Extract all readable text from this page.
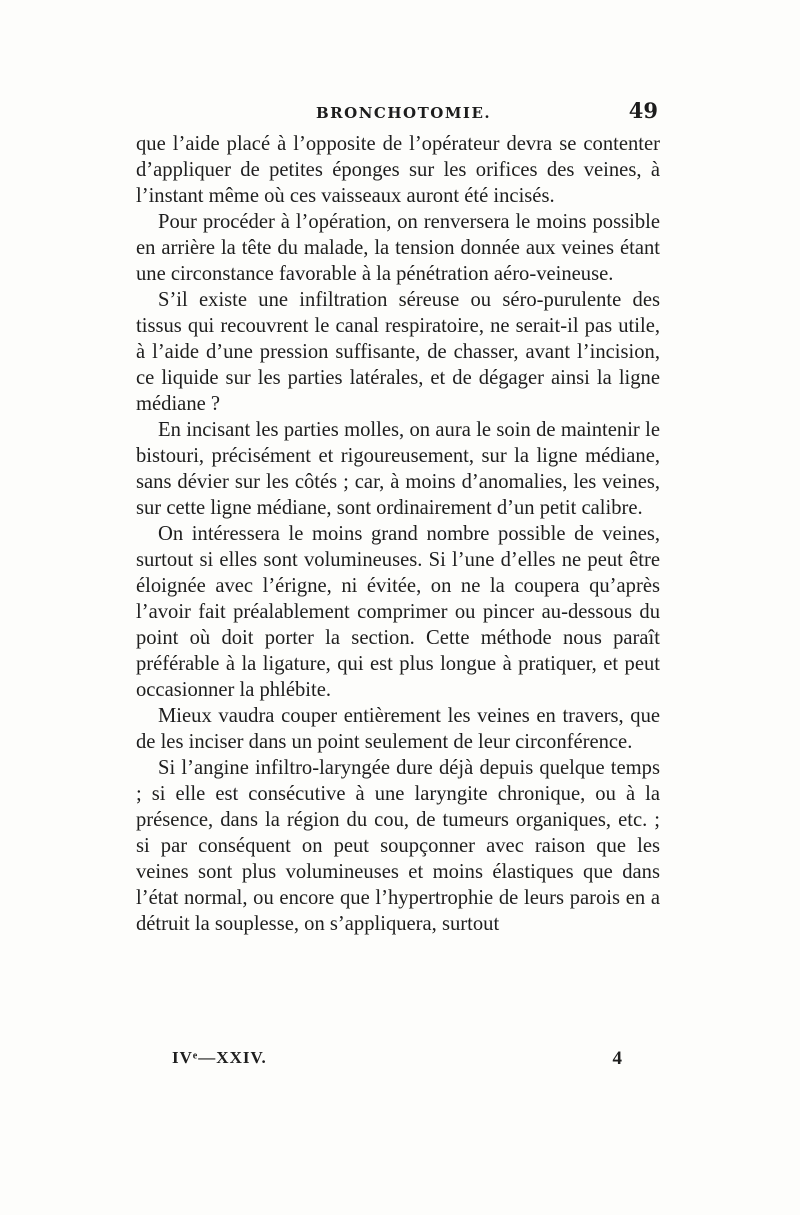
BRONCHOTOMIE.	49

que l’aide placé à l’opposite de l’opérateur devra se contenter d’appliquer de petites éponges sur les orifices des veines, à l’instant même où ces vaisseaux auront été incisés.

Pour procéder à l’opération, on renversera le moins possible en arrière la tête du malade, la tension donnée aux veines étant une circonstance favorable à la pénétration aéro-veineuse.

S’il existe une infiltration séreuse ou séro-purulente des tissus qui recouvrent le canal respiratoire, ne serait-il pas utile, à l’aide d’une pression suffisante, de chasser, avant l’incision, ce liquide sur les parties latérales, et de dégager ainsi la ligne médiane ?

En incisant les parties molles, on aura le soin de maintenir le bistouri, précisément et rigoureusement, sur la ligne médiane, sans dévier sur les côtés ; car, à moins d’anomalies, les veines, sur cette ligne médiane, sont ordinairement d’un petit calibre.

On intéressera le moins grand nombre possible de veines, surtout si elles sont volumineuses. Si l’une d’elles ne peut être éloignée avec l’érigne, ni évitée, on ne la coupera qu’après l’avoir fait préalablement comprimer ou pincer au-dessous du point où doit porter la section. Cette méthode nous paraît préférable à la ligature, qui est plus longue à pratiquer, et peut occasionner la phlébite.

Mieux vaudra couper entièrement les veines en travers, que de les inciser dans un point seulement de leur circonférence.

Si l’angine infiltro-laryngée dure déjà depuis quelque temps ; si elle est consécutive à une laryngite chronique, ou à la présence, dans la région du cou, de tumeurs organiques, etc. ; si par conséquent on peut soupçonner avec raison que les veines sont plus volumineuses et moins élastiques que dans l’état normal, ou encore que l’hypertrophie de leurs parois en a détruit la souplesse, on s’appliquera, surtout

IVᵉ—XXIV.	4
